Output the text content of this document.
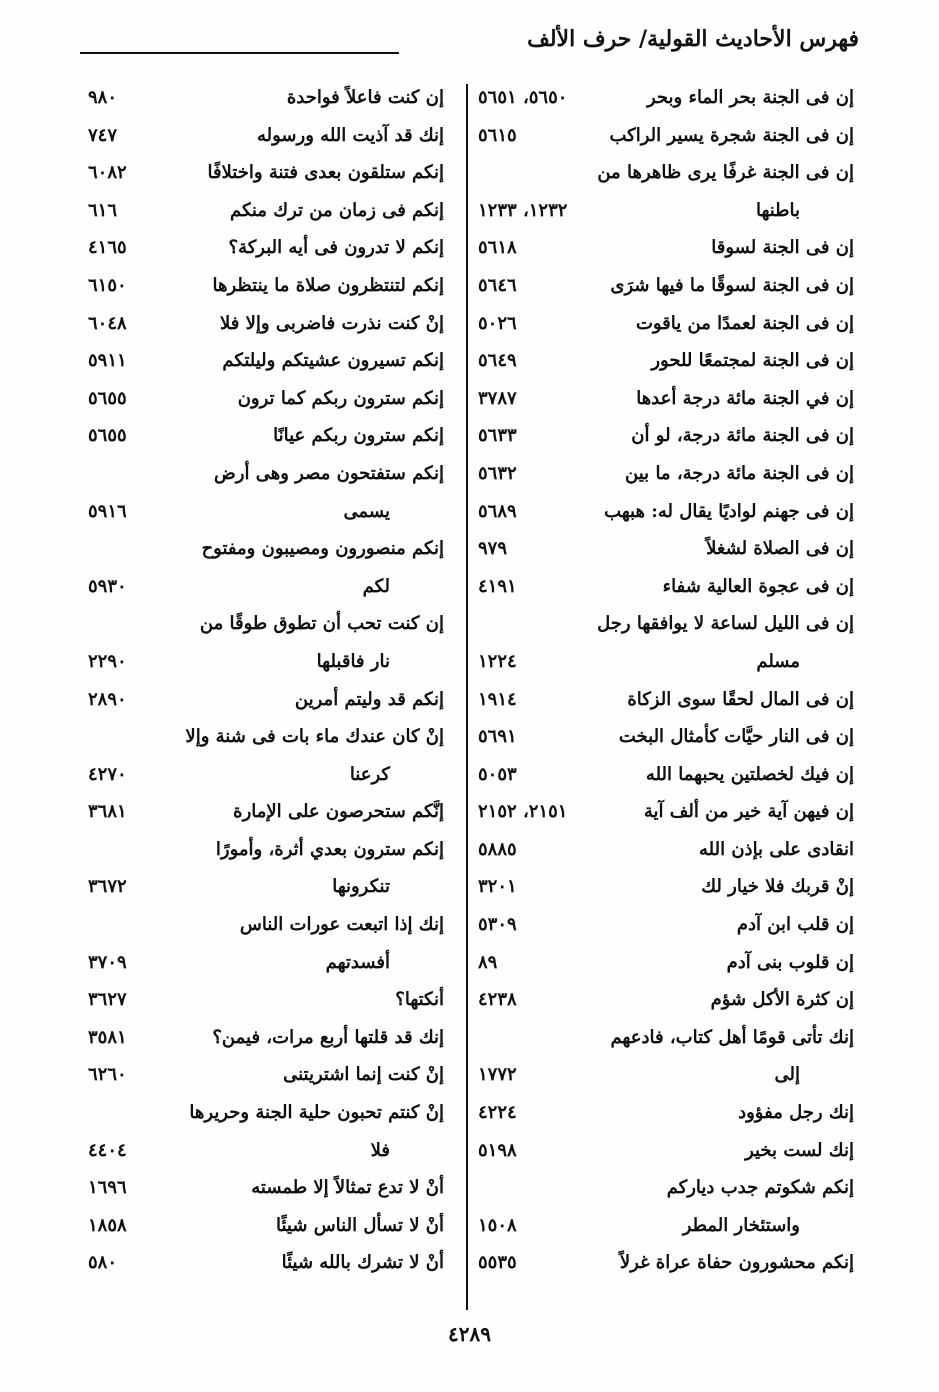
فهرس الأحاديث القولية/ حرف الألف
إن فى الجنة بحر الماء وبحر
٥٦٥٠، ٥٦٥١
إن فى الجنة شجرة يسير الراكب
٥٦١٥
إن فى الجنة غرفًا يرى ظاهرها من
باطنها
١٢٣٢، ١٢٣٣
إن فى الجنة لسوقا
٥٦١٨
إن فى الجنة لسوقًا ما فيها شرَى
٥٦٤٦
إن فى الجنة لعمدًا من ياقوت
٥٠٢٦
إن فى الجنة لمجتمعًا للحور
٥٦٤٩
إن في الجنة مائة درجة أعدها
٣٧٨٧
إن فى الجنة مائة درجة، لو أن
٥٦٣٣
إن فى الجنة مائة درجة، ما بين
٥٦٣٢
إن فى جهنم لواديًا يقال له: هبهب
٥٦٨٩
إن فى الصلاة لشغلاً
٩٧٩
إن فى عجوة العالية شفاء
٤١٩١
إن فى الليل لساعة لا يوافقها رجل
مسلم
١٢٢٤
إن فى المال لحقًا سوى الزكاة
١٩١٤
إن فى النار حيَّات كأمثال البخت
٥٦٩١
إن فيك لخصلتين يحبهما الله
٥٠٥٣
إن فيهن آية خير من ألف آية
٢١٥١، ٢١٥٢
انقادى على بإذن الله
٥٨٨٥
إنْ قربك فلا خيار لك
٣٢٠١
إن قلب ابن آدم
٥٣٠٩
إن قلوب بنى آدم
٨٩
إن كثرة الأكل شؤم
٤٢٣٨
إنك تأتى قومًا أهل كتاب، فادعهم
إلى
١٧٧٢
إنك رجل مفؤود
٤٢٢٤
إنك لست بخير
٥١٩٨
إنكم شكوتم جدب دياركم
واستئخار المطر
١٥٠٨
إنكم محشورون حفاة عراة غرلاً
٥٥٣٥
إن كنت فاعلاً فواحدة
٩٨٠
إنك قد آذيت الله ورسوله
٧٤٧
إنكم ستلقون بعدى فتنة واختلافًا
٦٠٨٢
إنكم فى زمان من ترك منكم
٦١٦
إنكم لا تدرون فى أيه البركة؟
٤١٦٥
إنكم لتنتظرون صلاة ما ينتظرها
٦١٥٠
إنْ كنت نذرت فاضربى وإلا فلا
٦٠٤٨
إنكم تسيرون عشيتكم وليلتكم
٥٩١١
إنكم سترون ربكم كما ترون
٥٦٥٥
إنكم سترون ربكم عيانًا
٥٦٥٥
إنكم ستفتحون مصر وهى أرض
يسمى
٥٩١٦
إنكم منصورون ومصيبون ومفتوح
لكم
٥٩٣٠
إن كنت تحب أن تطوق طوقًا من
نار فاقبلها
٢٢٩٠
إنكم قد وليتم أمرين
٢٨٩٠
إنْ كان عندك ماء بات فى شنة وإلا
كرعنا
٤٢٧٠
إنَّكم ستحرصون على الإمارة
٣٦٨١
إنكم سترون بعدي أثرة، وأمورًا
تنكرونها
٣٦٧٢
إنك إذا اتبعت عورات الناس
أفسدتهم
٣٧٠٩
أنكتها؟
٣٦٢٧
إنك قد قلتها أربع مرات، فيمن؟
٣٥٨١
إنْ كنت إنما اشتريتنى
٦٢٦٠
إنْ كنتم تحبون حلية الجنة وحريرها
فلا
٤٤٠٤
أنْ لا تدع تمثالاً إلا طمسته
١٦٩٦
أنْ لا تسأل الناس شيئًا
١٨٥٨
أنْ لا تشرك بالله شيئًا
٥٨٠
٤٢٨٩
